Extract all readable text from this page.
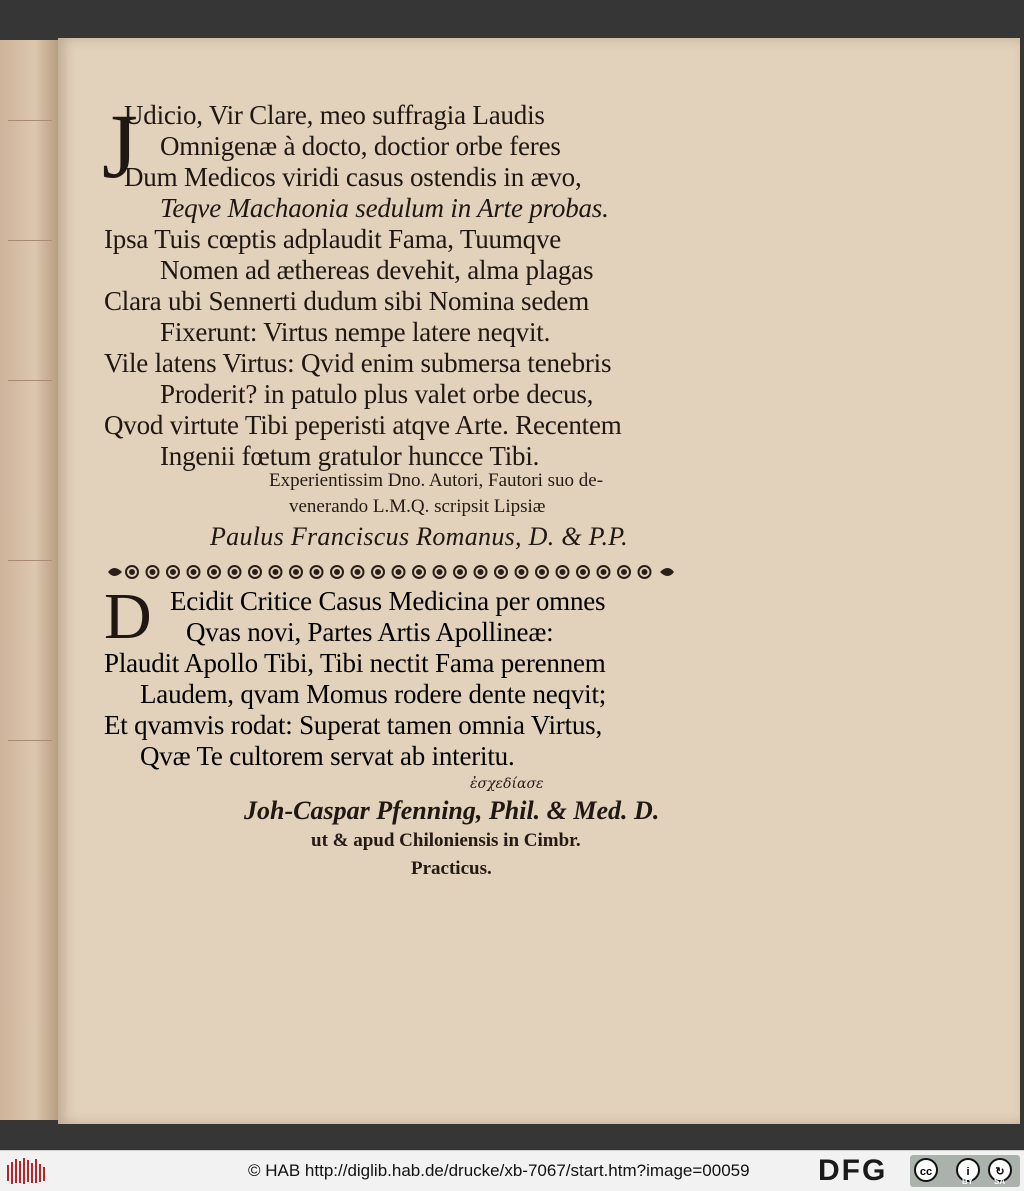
J
Udicio, Vir Clare, meo suffragia Laudis
Omnigenæ à docto, doctior orbe feres
Dum Medicos viridi casus ostendis in ævo,
Teqve Machaonia sedulum in Arte probas.
Ipsa Tuis cœptis adplaudit Fama, Tuumqve
Nomen ad æthereas devehit, alma plagas
Clara ubi Sennerti dudum sibi Nomina sedem
Fixerunt: Virtus nempe latere neqvit.
Vile latens Virtus: Qvid enim submersa tenebris
Proderit? in patulo plus valet orbe decus,
Qvod virtute Tibi peperisti atqve Arte. Recentem
Ingenii fœtum gratulor huncce Tibi.
Experientissim Dno. Autori, Fautori suo de-
venerando L.M.Q. scripsit Lipsiæ
Paulus Franciscus Romanus, D. & P.P.
D Ecidit Critice Casus Medicina per omnes
Qvas novi, Partes Artis Apollineæ:
Plaudit Apollo Tibi, Tibi nectit Fama perennem
Laudem, qvam Momus rodere dente neqvit;
Et qvamvis rodat: Superat tamen omnia Virtus,
Qvæ Te cultorem servat ab interitu.
ἐσχεδίασε
Joh-Caspar Pfenning, Phil. & Med. D.
ut & apud Chiloniensis in Cimbr.
Practicus.
© HAB http://diglib.hab.de/drucke/xb-7067/start.htm?image=00059 DFG	cc	i	↻
BY	SA
